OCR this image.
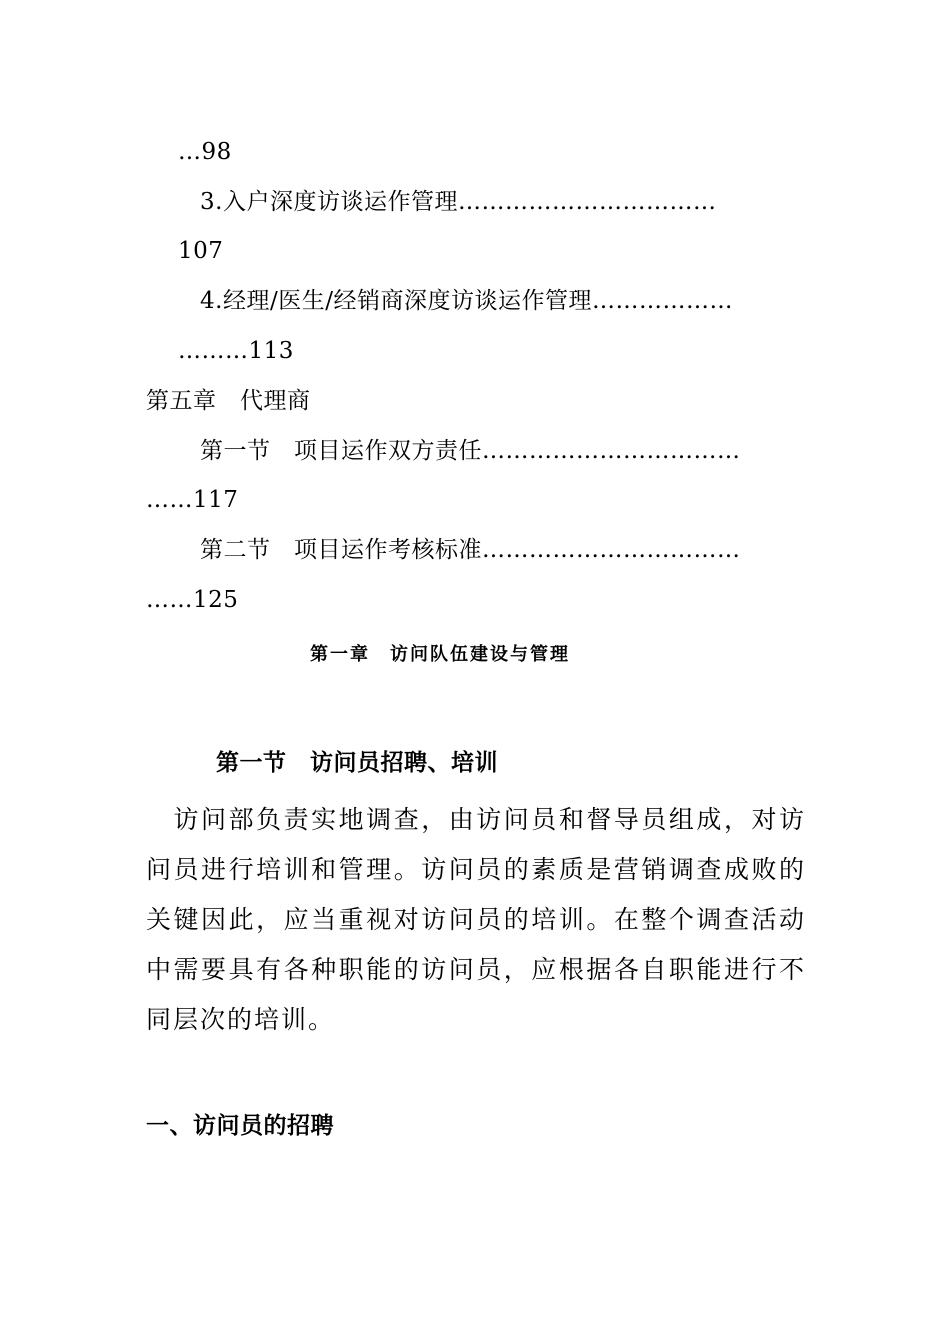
…98
3.入户深度访谈运作管理……………………………
107
4.经理/医生/经销商深度访谈运作管理………………
………113
第五章　代理商
第一节　项目运作双方责任……………………………
……117
第二节　项目运作考核标准……………………………
……125
第一章　访问队伍建设与管理
第一节　访问员招聘、培训
　访问部负责实地调查，由访问员和督导员组成，对访问员进行培训和管理。访问员的素质是营销调查成败的关键因此，应当重视对访问员的培训。在整个调查活动中需要具有各种职能的访问员，应根据各自职能进行不同层次的培训。
一、访问员的招聘
